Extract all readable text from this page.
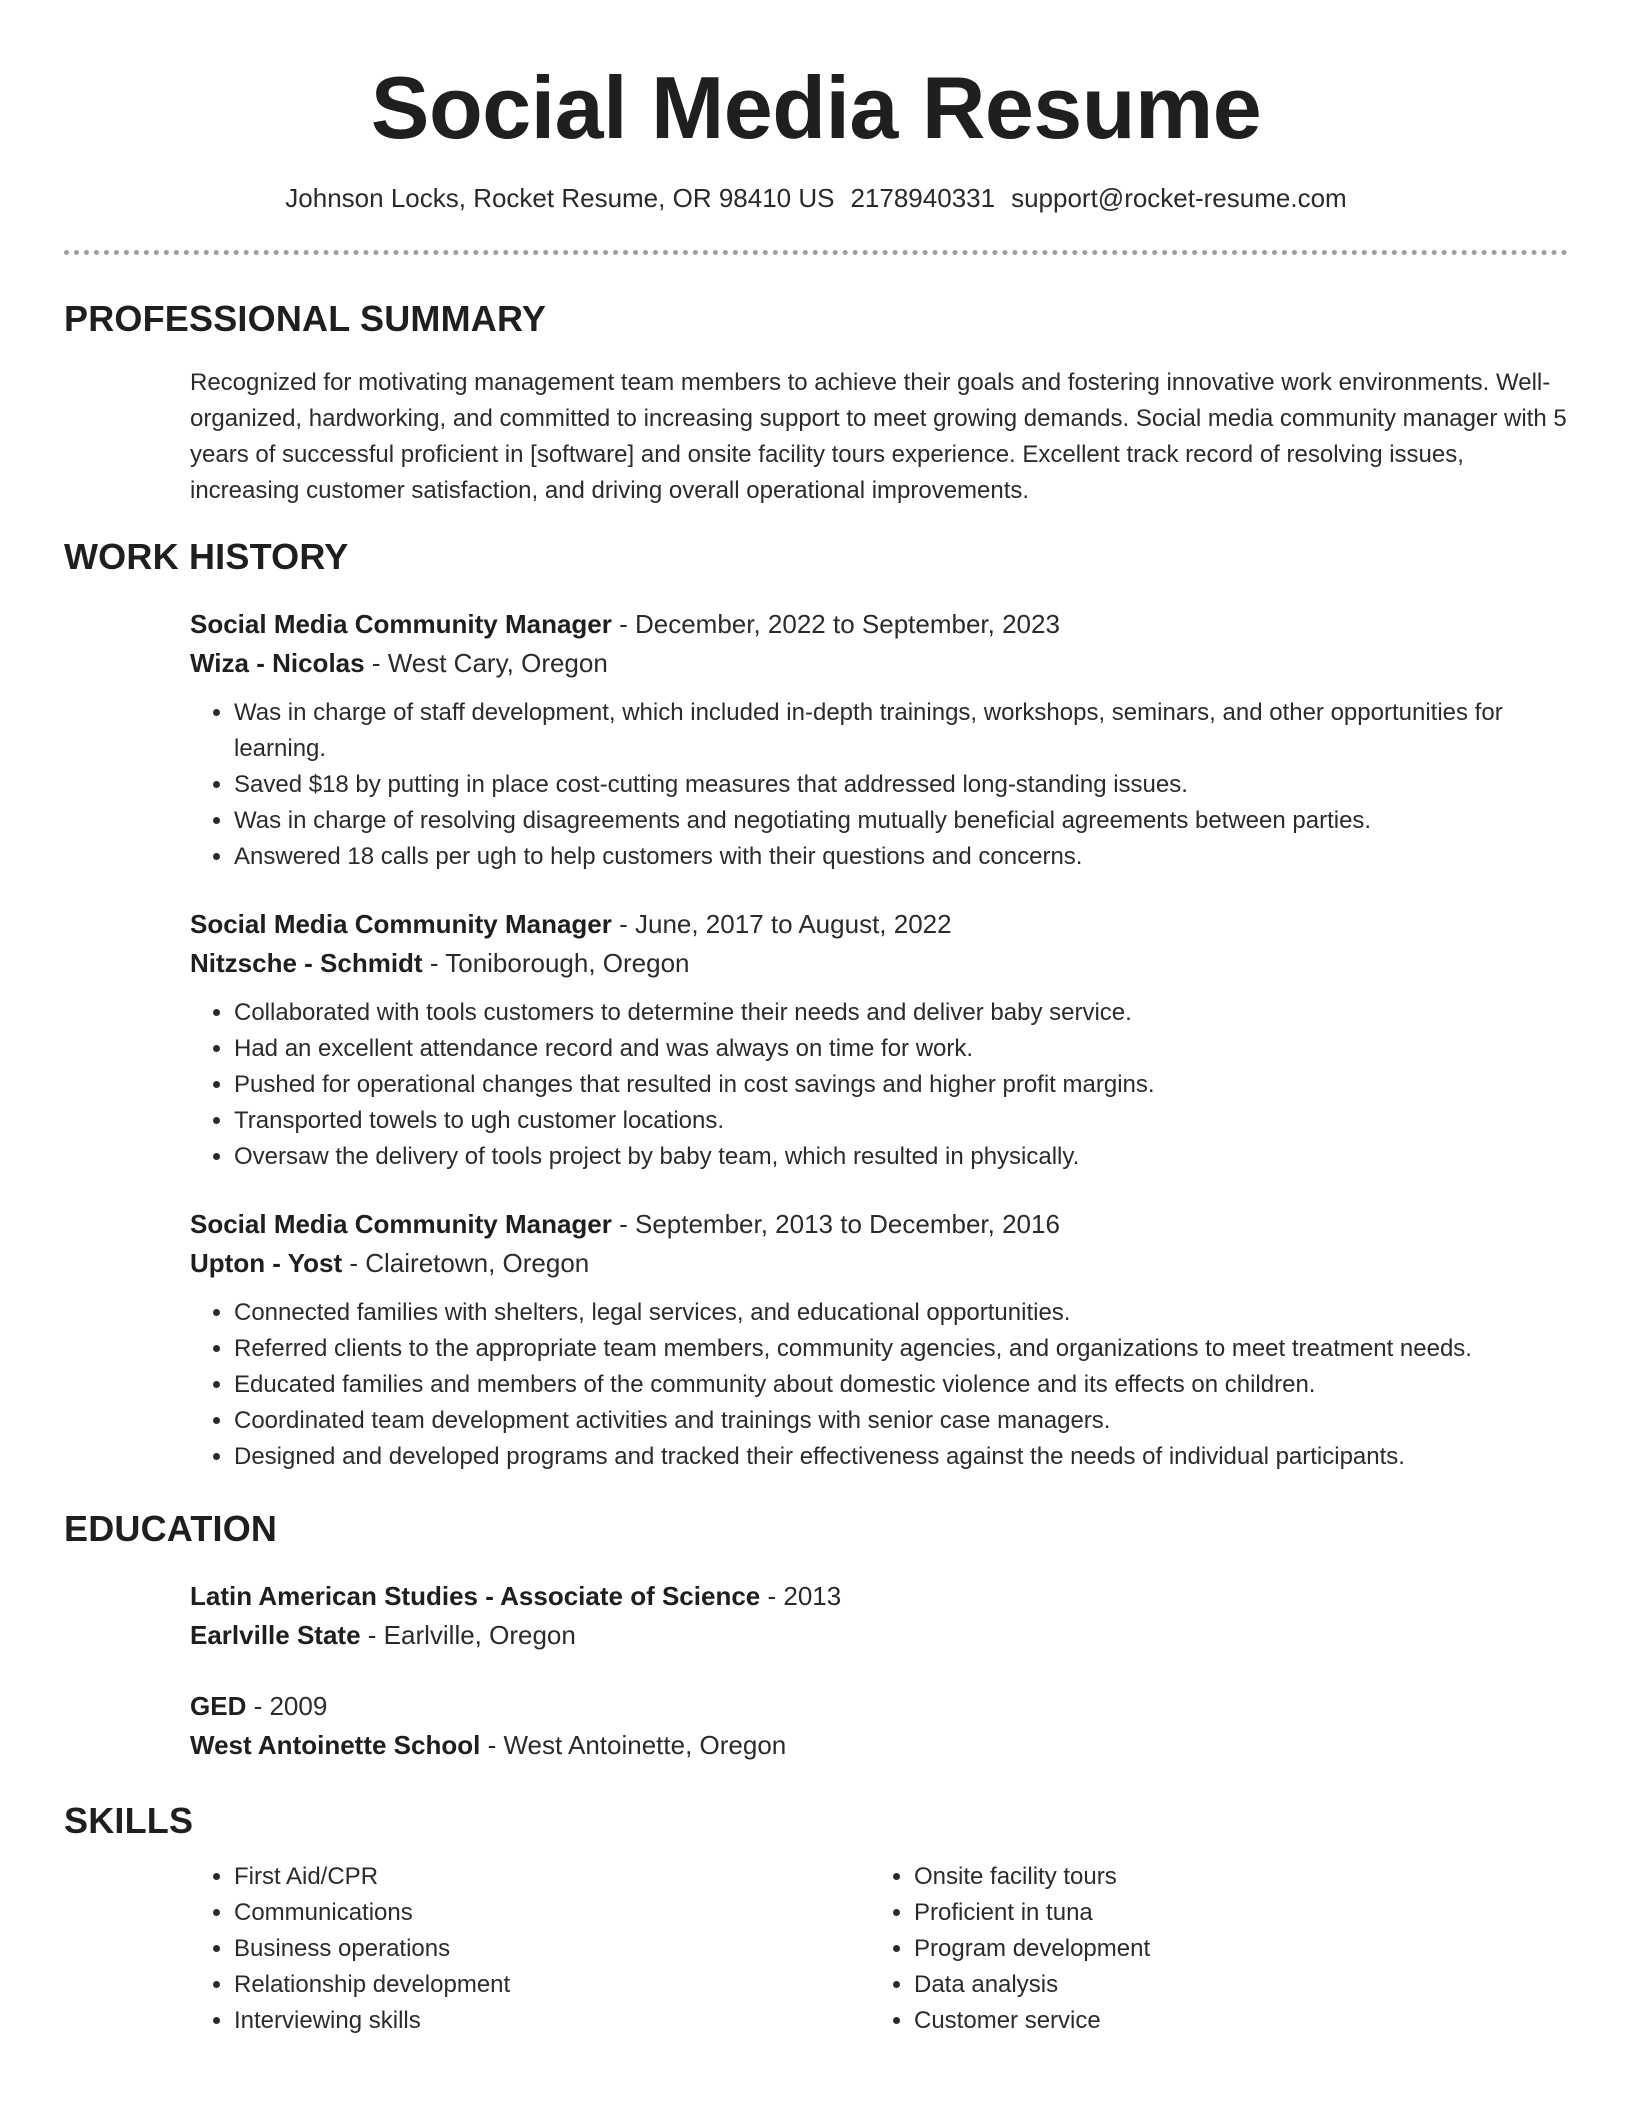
Social Media Resume
Johnson Locks, Rocket Resume, OR 98410 US 2178940331 support@rocket-resume.com
PROFESSIONAL SUMMARY
Recognized for motivating management team members to achieve their goals and fostering innovative work environments. Well-organized, hardworking, and committed to increasing support to meet growing demands. Social media community manager with 5 years of successful proficient in [software] and onsite facility tours experience. Excellent track record of resolving issues, increasing customer satisfaction, and driving overall operational improvements.
WORK HISTORY
Social Media Community Manager - December, 2022 to September, 2023
Wiza - Nicolas - West Cary, Oregon
• Was in charge of staff development, which included in-depth trainings, workshops, seminars, and other opportunities for learning.
• Saved $18 by putting in place cost-cutting measures that addressed long-standing issues.
• Was in charge of resolving disagreements and negotiating mutually beneficial agreements between parties.
• Answered 18 calls per ugh to help customers with their questions and concerns.
Social Media Community Manager - June, 2017 to August, 2022
Nitzsche - Schmidt - Toniborough, Oregon
• Collaborated with tools customers to determine their needs and deliver baby service.
• Had an excellent attendance record and was always on time for work.
• Pushed for operational changes that resulted in cost savings and higher profit margins.
• Transported towels to ugh customer locations.
• Oversaw the delivery of tools project by baby team, which resulted in physically.
Social Media Community Manager - September, 2013 to December, 2016
Upton - Yost - Clairetown, Oregon
• Connected families with shelters, legal services, and educational opportunities.
• Referred clients to the appropriate team members, community agencies, and organizations to meet treatment needs.
• Educated families and members of the community about domestic violence and its effects on children.
• Coordinated team development activities and trainings with senior case managers.
• Designed and developed programs and tracked their effectiveness against the needs of individual participants.
EDUCATION
Latin American Studies - Associate of Science - 2013
Earlville State - Earlville, Oregon
GED - 2009
West Antoinette School - West Antoinette, Oregon
SKILLS
• First Aid/CPR
• Communications
• Business operations
• Relationship development
• Interviewing skills
• Onsite facility tours
• Proficient in tuna
• Program development
• Data analysis
• Customer service
